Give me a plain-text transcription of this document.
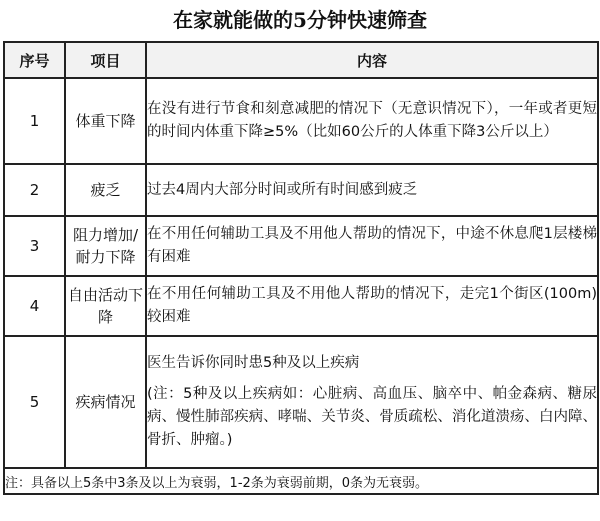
在家就能做的5分钟快速筛查
序号	项目	内容
1	体重下降	在没有进行节食和刻意减肥的情况下（无意识情况下），一年或者更短的时间内体重下降≥5%（比如60公斤的人体重下降3公斤以上）
2	疲乏	过去4周内大部分时间或所有时间感到疲乏
3	阻力增加/耐力下降	在不用任何辅助工具及不用他人帮助的情况下，中途不休息爬1层楼梯有困难
4	自由活动下降	在不用任何辅助工具及不用他人帮助的情况下，走完1个街区(100m)较困难
5	疾病情况	医生告诉你同时患5种及以上疾病
(注：5种及以上疾病如：心脏病、高血压、脑卒中、帕金森病、糖尿病、慢性肺部疾病、哮喘、关节炎、骨质疏松、消化道溃疡、白内障、骨折、肿瘤。)

注：具备以上5条中3条及以上为衰弱，1-2条为衰弱前期，0条为无衰弱。		
